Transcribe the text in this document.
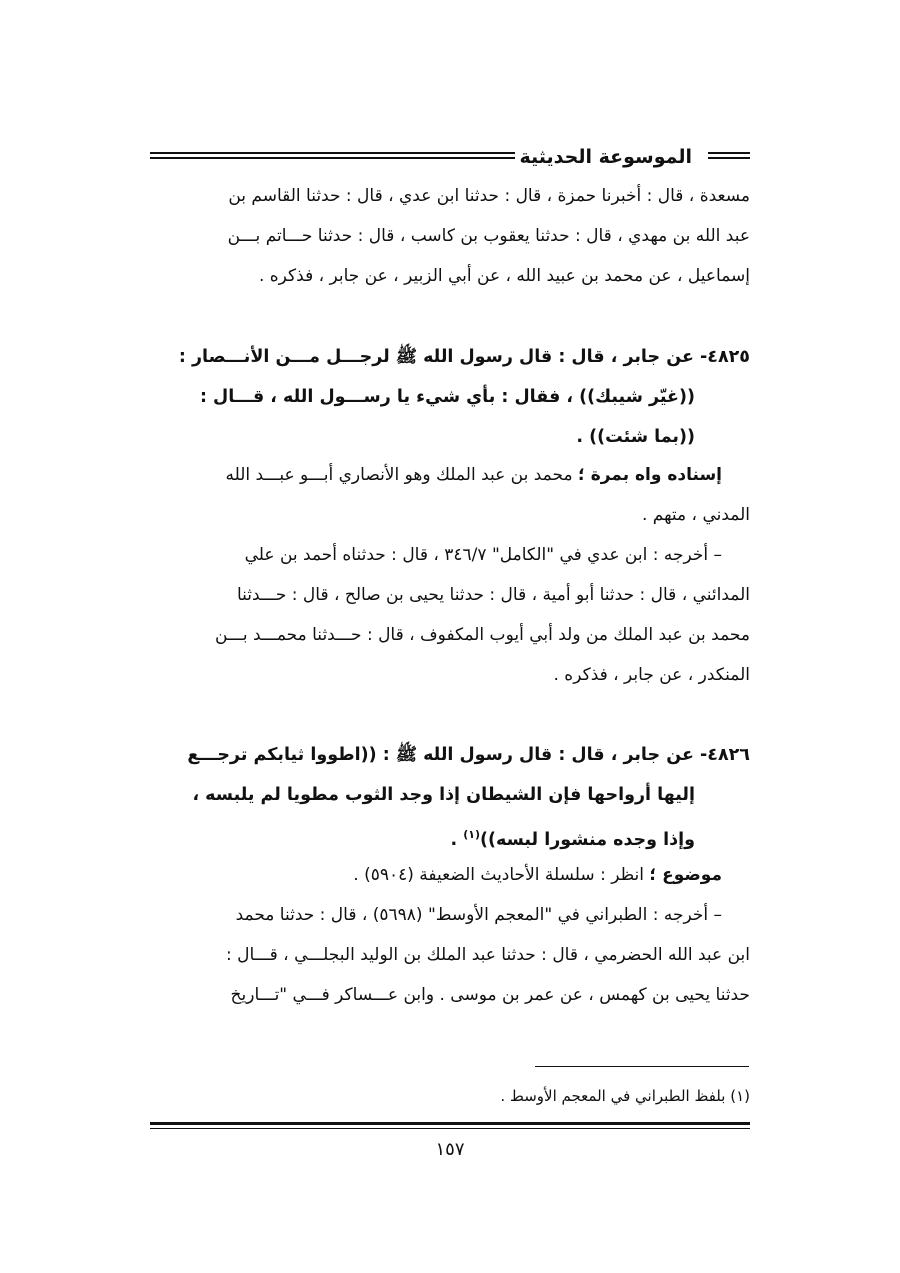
الموسوعة الحديثية
مسعدة ، قال : أخبرنا حمزة ، قال : حدثنا ابن عدي ، قال : حدثنا القاسم بن
عبد الله بن مهدي ، قال : حدثنا يعقوب بن كاسب ، قال : حدثنا حـــاتم بـــن
إسماعيل ، عن محمد بن عبيد الله ، عن أبي الزبير ، عن جابر ، فذكره .
٤٨٢٥- عن جابر ، قال : قال رسول الله ﷺ لرجـــل مـــن الأنـــصار :
((غيّر شيبك)) ، فقال : بأي شيء يا رســـول الله ، قـــال :
((بما شئت)) .
إسناده واه بمرة ؛ محمد بن عبد الملك وهو الأنصاري أبـــو عبـــد الله
المدني ، متهم .
– أخرجه : ابن عدي في "الكامل" ٣٤٦/٧ ، قال : حدثناه أحمد بن علي
المدائني ، قال : حدثنا أبو أمية ، قال : حدثنا يحيى بن صالح ، قال : حـــدثنا
محمد بن عبد الملك من ولد أبي أيوب المكفوف ، قال : حـــدثنا محمـــد بـــن
المنكدر ، عن جابر ، فذكره .
٤٨٢٦- عن جابر ، قال : قال رسول الله ﷺ : ((اطووا ثيابكم ترجـــع
إليها أرواحها فإن الشيطان إذا وجد الثوب مطويا لم يلبسه ،
وإذا وجده منشورا لبسه))$^{(١)}$ .
موضوع ؛ انظر : سلسلة الأحاديث الضعيفة (٥٩٠٤) .
– أخرجه : الطبراني في "المعجم الأوسط" (٥٦٩٨) ، قال : حدثنا محمد
ابن عبد الله الحضرمي ، قال : حدثنا عبد الملك بن الوليد البجلـــي ، قـــال :
حدثنا يحيى بن كهمس ، عن عمر بن موسى . وابن عـــساكر فـــي "تـــاريخ
(١) بلفظ الطبراني في المعجم الأوسط .
١٥٧
